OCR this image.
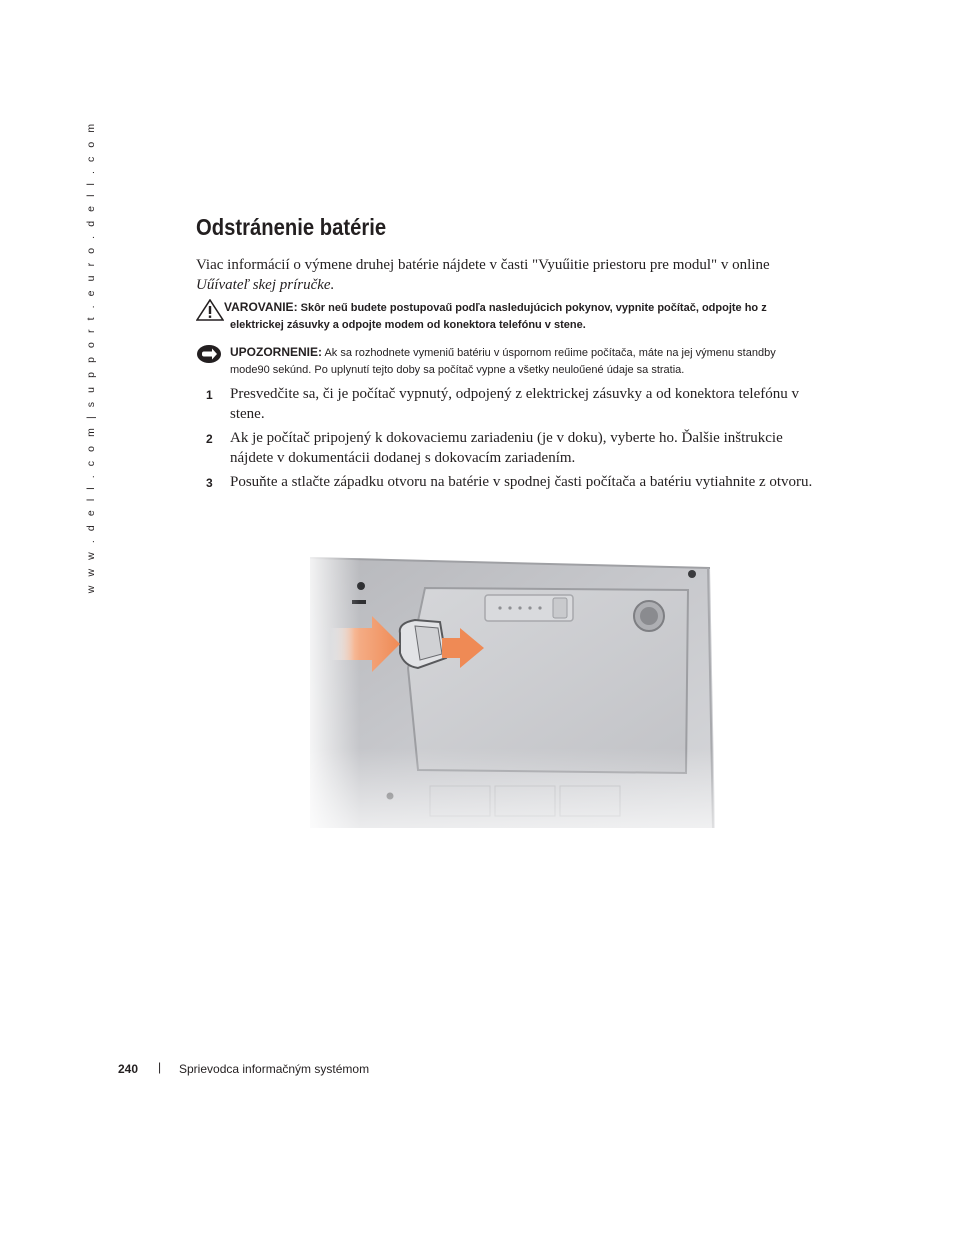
w w w . d e l l . c o m | s u p p o r t . e u r o . d e l l . c o m	Odstránenie batérie
Viac informácií o výmene druhej batérie nájdete v časti "Vyuűitie priestoru pre modul" v online
Uűívateľ skej príručke.
VAROVANIE: Skôr neű budete postupovaű podľa nasledujúcich pokynov, vypnite počítač, odpojte ho z elektrickej zásuvky a odpojte modem od konektora telefónu v stene.
UPOZORNENIE: Ak sa rozhodnete vymeniű batériu v úspornom reűime počítača, máte na jej výmenu standby mode90 sekúnd. Po uplynutí tejto doby sa počítač vypne a všetky neuloűené údaje sa stratia.
1 Presvedčite sa, či je počítač vypnutý, odpojený z elektrickej zásuvky a od konektora telefónu v stene.
2 Ak je počítač pripojený k dokovaciemu zariadeniu (je v doku), vyberte ho. Ďalšie inštrukcie nájdete v dokumentácii dodanej s dokovacím zariadením.
3 Posuňte a stlačte západku otvoru na batérie v spodnej časti počítača a batériu vytiahnite z otvoru.
240 | Sprievodca informačným systémom
